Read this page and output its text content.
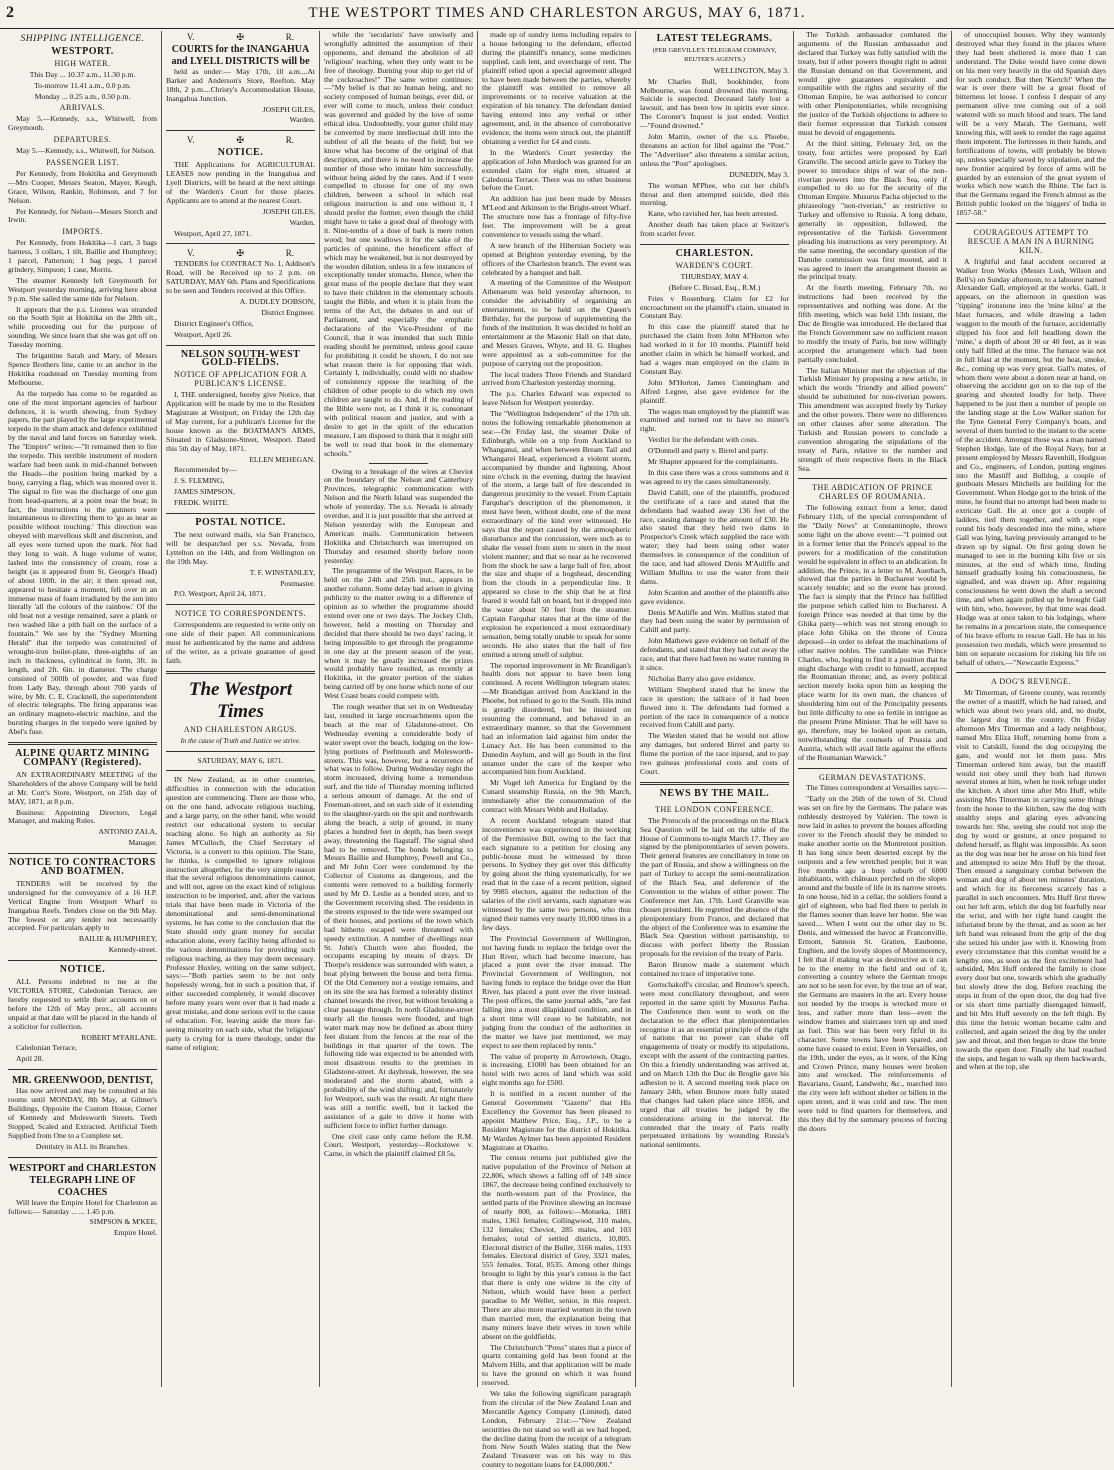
2	THE WESTPORT TIMES AND CHARLESTON ARGUS, MAY 6, 1871.
SHIPPING INTELLIGENCE.
WESTPORT.
HIGH WATER.

This Day ... 10.37 a.m., 11.30 p.m.

To-morrow 11.41 a.m., 0.0 p.m.

Monday ... 0.25 a.m., 0.50 p.m.

ARRIVALS.

May 5.—Kennedy, s.s., Whitwell, from Greymouth.

DEPARTURES.

May 5.—Kennedy, s.s., Whitwell, for Nelson.

PASSENGER LIST.

Per Kennedy, from Hokitika and Greymouth—Mrs Cooper, Messrs Seaton, Mayer, Keogh, Grace, Wilson, Rankin, Robinson, and 7 for Nelson.

Per Kennedy, for Nelson—Messrs Storch and Irwin.

IMPORTS.

Per Kennedy, from Hokitika—1 cart, 3 bags harness, 3 collars, 1 tilt, Baillie and Humphrey; 1 parcel, Patterson; 1 bag pegs, 1 parcel grindery, Simpson; 1 case, Morris.

The steamer Kennedy left Greymouth for Westport yesterday morning, arriving here about 9 p.m. She sailed the same tide for Nelson.

It appears that the p.s. Lioness was stranded on the South Spit at Hokitika on the 28th ult., while proceeding out for the purpose of sounding. We since learn that she was got off on Tuesday morning.

The brigantine Sarah and Mary, of Messrs Spence Brothers line, came to an anchor in the Hokitika roadstead on Tuesday morning from Melbourne.

As the torpedo has come to be regarded as one of the most important agencies of harbour defences, it is worth showing, from Sydney papers, the part played by the large experimental torpedo in the sham attack and defence exhibited by the naval and land forces on Saturday week. The "Empire" writes:—"It remained then to fire the torpedo. This terrible instrument of modern warfare had been sunk in mid-channel between the Heads—the position being marked by a buoy, carrying a flag, which was moored over it. The signal to fire was the discharge of one gun from head-quarters, at a point near the boat; in fact, the instructions to the gunners were instantaneous to directing them to 'go as near as possible without touching.' This direction was obeyed with marvellous skill and discretion, and all eyes were turned upon the mark. Nor had they long to wait. A huge volume of water, lashed into the consistency of cream, rose a height (as it appeared from St. George's Head) of about 100ft. in the air; it then spread out, appeared to hesitate a moment, fell over in an immense mass of foam irradiated by the sun into literally 'all the colours of the rainbow.' Of the old boat not a vestige remained, save a plank or two washed like a pith ball on the surface of a fountain." We see by the "Sydney Morning Herald" that the torpedo was constructed of wrought-iron boiler-plate, three-eighths of an inch in thickness, cylindrical in form, 3ft. in length, and 2ft. 6in. in diameter. The charge consisted of 500lb of powder, and was fired from Lady Bay, through about 700 yards of wire, by Mr. C. E. Cracknell, the superintendent of electric telegraphs. The firing apparatus was an ordinary magneto-electric machine, and the bursting charges in the torpedo were ignited by Abel's fuse.

ALPINE QUARTZ MINING COMPANY (Registered).

AN EXTRAORDINARY MEETING of the Shareholders of the above Company will be held at Mr. Corr's Store, Westport, on 25th day of MAY, 1871, at 8 p.m.

Business: Appointing Directors, Legal Manager, and making Rules.

ANTONIO ZALA,

Manager.

NOTICE TO CONTRACTORS AND BOATMEN.

TENDERS will be received by the undersigned for the conveyance of a 16 H.P. Vertical Engine from Westport Wharf to Inangahua Reefs. Tenders close on the 9th May. The lowest or any tender not necessarily accepted. For particulars apply to

BAILIE & HUMPHREY,

Kennedy-street.

NOTICE.

ALL Persons indebted to me at the VICTORIA STORE, Caledonian Terrace, are hereby requested to settle their accounts on or before the 12th of May prox., all accounts unpaid at that date will be placed in the hands of a solicitor for collection.

ROBERT M'FARLANE.

Caledonian Terrace,

April 28.

MR. GREENWOOD, DENTIST,

Has now arrived and may be consulted at his rooms until MONDAY, 8th May, at Gilmer's Buildings, Opposite the Custom House, Corner of Kennedy and Molesworth Streets. Teeth Stopped, Scaled and Extracted. Artificial Teeth Supplied from One to a Complete set.

Dentistry in ALL its Branches.

WESTPORT and CHARLESTON TELEGRAPH LINE OF COACHES

Will leave the Empire Hotel for Charleston as follows:— Saturday ... ... 1.45 p.m.

SIMPSON & M'KEE,

Empire Hotel.

V.	✠	R.
COURTS for the INANGAHUA and LYELL DISTRICTS will be

held as under:— May 17th, 10 a.m....At Barker and Anderson's Store, Reefton. May 18th, 2 p.m....Christy's Accommodation House, Inangahua Junction.

JOSEPH GILES,

Warden.

V.	✠	R.
NOTICE.

THE Applications for AGRICULTURAL LEASES now pending in the Inangahua and Lyell Districts, will be heard at the next sittings of the Warden's Court for those places. Applicants are to attend at the nearest Court.

JOSEPH GILES,

Warden.

Westport, April 27, 1871.

V.	✠	R.

TENDERS for CONTRACT No. 1, Addison's Road, will be Received up to 2 p.m. on SATURDAY, MAY 6th. Plans and Specifications to be seen and Tenders received at this Office.

A. DUDLEY DOBSON,

District Engineer.

District Engineer's Office,

Westport, April 26.

NELSON SOUTH-WEST GOLD-FIELDS.
NOTICE OF APPLICATION FOR A PUBLICAN'S LICENSE.

I, THE undersigned, hereby give Notice, that Application will be made by me to the Resident Magistrate at Westport, on Friday the 12th day of May current, for a publican's License for the house known as the BOATMAN'S ARMS, Situated in Gladstone-Street, Westport. Dated this 5th day of May, 1871.

ELLEN MEHEGAN.

Recommended by—

J. S. FLEMING,

JAMES SIMPSON,

FREDK. WHITE.

POSTAL NOTICE.

The next outward mails, via San Francisco, will be despatched per s.s. Nevada, from Lyttelton on the 14th, and from Wellington on the 19th May.

T. F. WINSTANLEY,

Postmaster.

P.O. Westport, April 24, 1871.

NOTICE TO CORRESPONDENTS.

Correspondents are requested to write only on one side of their paper. All communications must be authenticated by the name and address of the writer, as a private guarantee of good faith.

The Westport Times
AND CHARLESTON ARGUS.

In the cause of Truth and Justice we strive.

SATURDAY, MAY 6, 1871.

IN New Zealand, as in other countries, difficulties in connection with the education question are commencing. There are those who, on the one hand, advocate religious teaching, and a large party, on the other hand, who would restrict our educational system to secular teaching alone. So high an authority as Sir James M'Culloch, the Chief Secretary of Victoria, is a convert to this opinion. The State, he thinks, is compelled to ignore religious instruction altogether, for the very simple reason that the several religious denominations cannot, and will not, agree on the exact kind of religious instruction to be imported, and, after the various trials that have been made in Victoria of the denominational and semi-denominational systems, he has come to the conclusion that the State should only grant money for secular education alone, every facility being afforded to the various denominations for providing such religious teaching, as they may deem necessary. Professor Huxley, writing on the same subject, says:—"Both parties seem to be not only hopelessly wrong, but in such a position that, if either succeeded completely, it would discover before many years were over that it had made a great mistake, and done serious evil to the cause of education. For, leaving aside the more far-seeing minority on each side, what the 'religious' party is crying for is mere theology, under the name of religion;

while the 'secularists' have unwisely and wrongfully admitted the assumption of their opponents, and demand the abolition of all 'religious' teaching, when they only want to be free of theology. Burning your ship to get rid of the cockroaches!" The same writer continues:—"My belief is that no human being, and no society composed of human beings, ever did, or ever will come to much, unless their conduct was governed and guided by the love of some ethical idea. Undoubtedly, your gutter child may be converted by mere intellectual drill into the subtlest of all the beasts of the field; but we know what has become of the original of that description, and there is no need to increase the number of those who imitate him successfully, without being aided by the rates. And if I were compelled to choose for one of my own children, between a school in which real religious instruction is and one without it, I should prefer the former, even though the child might have to take a good deal of theology with it. Nine-tenths of a dose of bark is mere rotten wood; but one swallows it for the sake of the particles of quinine, the beneficent effect of which may be weakened, but is not destroyed by the wooden dilution, unless in a few instances of exceptionally tender stomachs. Hence, when the great mass of the people declare that they want to have their children in the elementary schools taught the Bible, and when it is plain from the terms of the Act, the debates in and out of Parliament, and especially the emphatic declarations of the Vice-President of the Council, that it was intended that such Bible reading should be permitted, unless good cause for prohibiting it could be shown, I do not see what reason there is for opposing that wish. Certainly I, individually, could with no shadow of consistency oppose the teaching of the children of other people to do which my own children are taught to do. And, if the reading of the Bible were not, as I think it is, consonant with political reason and justice, and with a desire to get in the spirit of the education measure, I am disposed to think that it might still be well to read that book in the elementary schools."

Owing to a breakage of the wires at Cheviot on the boundary of the Nelson and Canterbury Provinces, telegraphic communication with Nelson and the North Island was suspended the whole of yesterday. The s.s. Nevada is already overdue, and it is just possible that she arrived at Nelson yesterday with the European and American mails. Communication between Hokitika and Christchurch was interrupted on Thursday and resumed shortly before noon yesterday.

The programme of the Westport Races, to be held on the 24th and 25th inst., appears in another column. Some delay had arisen in giving publicity to the matter owing to a difference of opinion as to whether the programme should extend over one or two days. The Jockey Club, however, held a meeting on Thursday and decided that there should be two days' racing, it being impossible to get through the programme in one day at the present season of the year, when it may be greatly increased the prizes would probably have resulted, as recently at Hokitika, in the greater portion of the stakes being carried off by one horse which none of our West Coast boats could compete with.

The rough weather that set in on Wednesday last, resulted in large encroachments upon the beach at the rear of Gladstone-street. On Wednesday evening a considerable body of water swept over the beach, lodging on the low-lying portions of Peelmouth and Molesworth-streets. This was, however, but a recurrence of what was to follow. During Wednesday night the storm increased, driving home a tremendous surf, and the tide of Thursday morning inflicted a serious amount of damage. At the end of Freeman-street, and on each side of it extending to the slaughter-yards on the spit and northwards along the beach, a strip of ground, in many places a hundred feet in depth, has been swept away, threatening the flagstaff. The signal shed had to be removed. The bonds belonging to Messrs Baillie and Humphrey, Powell and Co., and Mr John Corr were condemned by the Collector of Customs as dangerous, and the contents were removed to a building formerly used by Mr D. Leslie as a bonded store, and to the Government receiving shed. The residents in the streets exposed to the tide were swamped out of their houses, and portions of the town which had hitherto escaped were threatened with speedy extinction. A number of dwellings near St. John's Church were also flooded, the occupants escaping by means of drays. Dr Thorpe's residence was surrounded with water, a boat plying between the house and terra firma. Of the Old Cemetery not a vestige remains, and on its site the sea has formed a tolerably distinct channel towards the river, but without breaking a clear passage through. In north Gladstone-street nearly all the houses were flooded, and high water mark may now be defined as about thirty feet distant from the fences at the rear of the buildings in that quarter of the town. The following tide was expected to be attended with most disastrous results to the premises in Gladstone-street. At daybreak, however, the sea moderated and the storm abated, with a probability of the wind shifting; and, fortunately for Westport, such was the result. At night there was still a terrific swell, but it lacked the assistance of a gale to drive it home with sufficient force to inflict further damage.

One civil case only came before the R.M. Court, Westport, yesterday—Rockstowe v. Carne, in which the plaintiff claimed £8 5s,

made up of sundry items including repairs to a house belonging to the defendant, effected during the plaintiff's tenancy, some medicines supplied, cash lent, and overcharge of rent. The plaintiff relied upon a special agreement alleged to have been made between the parties, whereby the plaintiff was entitled to remove all improvements or to receive valuation at the expiration of his tenancy. The defendant denied having entered into any verbal or other agreement, and, in the absence of corroborative evidence, the items were struck out, the plaintiff obtaining a verdict for £4 and costs.

In the Warden's Court yesterday the application of John Murdoch was granted for an extended claim for eight men, situated at Caledonia Terrace. There was no other business before the Court.

An addition has just been made by Messrs M'Leod and Atkinson to the Bright-street Wharf. The structure now has a frontage of fifty-five feet. The improvement will be a great convenience to vessels using the wharf.

A new branch of the Hibernian Society was opened at Brighton yesterday evening, by the officers of the Charleston branch. The event was celebrated by a banquet and ball.

A meeting of the Committee of the Westport Athenaeum was held yesterday afternoon, to consider the advisability of organising an entertainment, to be held on the Queen's Birthday, for the purpose of supplementing the funds of the institution. It was decided to hold an entertainment at the Masonic Hall on that date, and Messrs Graves, Whyte, and H. G. Hughes were appointed as a sub-committee for the purpose of carrying out the proposition.

The local traders Three Friends and Standard arrived from Charleston yesterday morning.

The p.s. Charles Edward was expected to leave Nelson for Westport yesterday.

The "Wellington Independent" of the 17th ult. notes the following remarkable phenomenon at sea:—On Friday last, the steamer Duke of Edinburgh, while on a trip from Auckland to Whanganui, and when between Bream Tail and Whangarei Head, experienced a violent storm, accompanied by thunder and lightning. About nine o'clock in the evening, during the heaviest of the storm, a large ball of fire descended in dangerous proximity to the vessel. From Captain Farquhar's description of the phenomenon, it must have been, without doubt, one of the most extraordinary of the kind ever witnessed. He says that the report caused by the atmospheric disturbance and the concussion, were such as to shake the vessel from stem to stern in the most violent manner; and that so near as he recovered from the shock he saw a large ball of fire, about the size and shape of a hogshead, descending from the clouds in a perpendicular line. It appeared so close to the ship that he at first feared it would fall on board, but it dropped into the water about 50 feet from the steamer. Captain Farquhar states that at the time of the explosion he experienced a most extraordinary sensation, being totally unable to speak for some seconds. He also states that the ball of fire emitted a strong smell of sulphur.

The reported improvement in Mr Brandigan's health does not appear to have been long continued. A recent Wellington telegram states:—Mr Brandigan arrived from Auckland in the Phoebe, but refused to go to the South. His mind is greatly disordered, but he insisted on resuming the command, and behaved in an extraordinary manner, so that the Government had an information laid against him under the Lunacy Act. He has been committed to the Dunedin Asylum, and will go South in the first steamer under the care of the keeper who accompanied him from Auckland.

Mr Vogel left America for England by the Cunard steamship Russia, on the 9th March, immediately after the consummation of the contract with Messrs Webb and Holladay.

A recent Auckland telegram stated that inconvenience was experienced in the working of the Permissive Bill, owing to the fact that each signature to a petition for closing any public-house must be witnessed by three persons. In Sydney they get over this difficulty by going about the thing systematically, for we read that in the case of a recent petition, signed by 9985 electors, against the reduction of the salaries of the civil servants, each signature was witnessed by the same two persons, who thus signed their names very nearly 10,000 times in a few days.

The Provincial Government of Wellington, not having funds to replace the bridge over the Hutt River, which had become insecure, has placed a punt over the river instead. The Provincial Government of Wellington, not having funds to replace the bridge over the Hutt River, has placed a punt over the river instead. The post offices, the same journal adds, "are fast falling into a most dilapidated condition, and in a short time will cease to be habitable, not judging from the conduct of the authorities in the matter we have just mentioned, we may expect to see them replaced by tents."

The value of property in Arrowtown, Otago, is increasing. £1000 has been obtained for an hotel with two acres of land which was sold eight months ago for £500.

It is notified in a recent number of the General Government "Gazette" that His Excellency the Governor has been pleased to appoint Matthew Price, Esq., J.P., to be a Resident Magistrate for the district of Hokitika. Mr Warden Aylmer has been appointed Resident Magistrate at Okarito.

The census returns just published give the native population of the Province of Nelson at 22,806, which shows a falling off of 149 since 1867, the decrease being confined exclusively to the north-western part of the Province, the settled parts of the Province showing an increase of nearly 800, as follows:—Motueka, 1881 males, 1361 females; Collingwood, 310 males, 132 females; Cheviot, 285 males, and 103 females; total of settled districts, 10,805. Electoral district of the Buller, 3166 males, 1193 females. Electoral district of Grey, 3321 males, 555 females. Total, 8535. Among other things brought to light by this year's census is the fact that there is only one widow in the city of Nelson, which would have been a perfect paradise to Mr Weller, senior, in this respect. There are also more married women in the town than married men, the explanation being that many miners leave their wives in town while absent on the goldfields.

The Christchurch "Press" states that a piece of quartz containing gold has been found at the Malvern Hills, and that application will be made to have the ground on which it was found reserved.

We take the following significant paragraph from the circular of the New Zealand Loan and Mercantile Agency Company (Limited), dated London, February 21st:—"New Zealand securities do not stand so well as we had hoped, the decline dating from the receipt of a telegram from New South Wales stating that the New Zealand Treasurer was on his way to this country to negotiate loans for £4,000,000."

LATEST TELEGRAMS.

(PER GREVILLE'S TELEGRAM COMPANY, REUTER'S AGENTS.)

WELLINGTON, May 3.

Mr Charles Bull, bookbinder, from Melbourne, was found drowned this morning. Suicide is suspected. Deceased lately lost a lawsuit, and has been low in spirits ever since. The Coroner's Inquest is just ended. Verdict—"Found drowned."

John Martin, owner of the s.s. Phoebe, threatens an action for libel against the "Post." The "Advertiser" also threatens a similar action, unless the "Post" apologises.

DUNEDIN, May 3.

The woman M'Phee, who cut her child's throat and then attempted suicide, died this morning.

Kane, who ravished her, has been arrested.

Another death has taken place at Switzer's from scarlet fever.

CHARLESTON.
WARDEN'S COURT.

THURSDAY, MAY 4.

(Before C. Broad, Esq., R.M.)

Fries v Rosenburg. Claim for £2 for encroachment on the plaintiff's claim, situated in Constant Bay.

In this case the plaintiff stated that he purchased the claim from John M'Horton who had worked in it for 10 months. Plaintiff held another claim in which he himself worked, and had a wages man employed on the claim in Constant Bay.

John M'Horton, James Cunningham and Alfred Legree, also gave evidence for the plaintiff.

The wages man employed by the plaintiff was examined and turned out to have no miner's right.

Verdict for the defendant with costs.

O'Donnell and party v. Birrel and party.

Mr Shapter appeared for the complainants.

In this case there was a cross summons and it was agreed to try the cases simultaneously.

David Cahill, one of the plaintiffs, produced the certificate of a race and stated that the defendants had washed away 136 feet of the race, causing damage to the amount of £30. He also stated that they held two dams in Prospector's Creek which supplied the race with water; they had been using other water themselves in consequence of the condition of the race, and had allowed Denis M'Auliffe and William Mullins to use the water from their dams.

John Scanlon and another of the plaintiffs also gave evidence.

Denis M'Auliffe and Wm. Mullins stated that they had been using the water by permission of Cahill and party.

John Mathews gave evidence on behalf of the defendants, and stated that they had cut away the race, and that there had been no water running in it since.

Nicholas Barry also gave evidence.

William Shepherd stated that he knew the race in question; the tailrace of it had been flowed into it. The defendants had formed a portion of the race in consequence of a notice received from Cahill and party.

The Warden stated that he would not allow any damages, but ordered Birrel and party to flume the portion of the race injured, and to pay two guineas professional costs and costs of Court.

NEWS BY THE MAIL.
THE LONDON CONFERENCE.

The Protocols of the proceedings on the Black Sea Question will be laid on the table of the House of Commons to-night March 17. They are signed by the plenipotentiaries of seven powers. Their general features are conciliatory in tone on the part of Russia, and show a willingness on the part of Turkey to accept the semi-neutralization of the Black Sea, and deference of the Convention to the wishes of either power. The Conference met Jan. 17th. Lord Granville was chosen president. He regretted the absence of the plenipotentiary from France, and declared that the object of the Conference was to examine the Black Sea Question without partisanship, to discuss with perfect liberty the Russian proposals for the revision of the treaty of Paris.

Baron Brunow made a statement which contained no trace of imperative tone.

Gortschakoff's circular, and Brunow's speech, were most conciliatory throughout, and were reported in the same spirit by Musurus Pacha. The Conference then went to work on the declaration to the effect that plenipotentiaries recognise it as an essential principle of the right of nations that no power can shake off engagements of treaty or modify its stipulations, except with the assent of the contracting parties. On this a friendly understanding was arrived at, and on March 13th the Duc de Broglie gave his adhesion to it. A second meeting took place on January 24th, when Brunow more fully stated that changes had taken place since 1856, and urged that all treaties be judged by the considerations arising in the interval. He contended that the treaty of Paris really perpetuated irritations by wounding Russia's national sentiments.

The Turkish ambassador combated the arguments of the Russian ambassador and declared that Turkey was fully satisfied with the treaty, but if other powers thought right to admit the Russian demand on that Government, and would give guarantees equivalent and compatible with the rights and security of the Ottoman Empire, he was authorised to concur with other Plenipotentiaries, while recognising the justice of the Turkish objections to adhere to their former expression that Turkish consent must be devoid of engagements.

At the third sitting, February 3rd, on the treaty, four articles were proposed by Earl Granville. The second article gave to Turkey the power to introduce ships of war of the non-riverian powers into the Black Sea, only if compelled to do so for the security of the Ottoman Empire. Musurus Pacha objected to the phraseology "non-riverian," as restrictive to Turkey and offensive to Russia. A long debate, generally in opposition, followed, the representative of the Turkish Government pleading his instructions as very peremptory. At the same meeting, the secondary question of the Danube commission was first mooted, and it was agreed to insert the arrangement therein as the principal treaty.

At the fourth meeting, February 7th, no instructions had been received by the representatives and nothing was done. At the fifth meeting, which was held 13th instant, the Duc de Broglie was introduced. He declared that the French Government saw no sufficient reason to modify the treaty of Paris, but now willingly accepted the arrangement which had been partially concluded.

The Italian Minister met the objection of the Turkish Minister by proposing a new article, in which the words "friendly and allied powers" should be substituted for non-riverian powers. This amendment was accepted freely by Turkey and the other powers. There were no differences on other clauses after some alteration. The Turkish and Russian powers to conclude a convention abrogating the stipulations of the treaty of Paris, relative to the number and strength of their respective fleets in the Black Sea.

THE ABDICATION OF PRINCE CHARLES OF ROUMANIA.

The following extract from a letter, dated February 11th, of the special correspondent of the "Daily News" at Constantinople, throws some light on the above event:—"I pointed out in a former letter that the Prince's appeal to the powers for a modification of the constitution would be equivalent in effect to an abdication. In addition, the Prince, in a letter to M. Auerbach, showed that the parties in Bucharest would be scarcely tenable; and so the event has proved. The fact is simply that the Prince has fulfilled the purpose which called him to Bucharest. A foreign Prince was needed at that time by the Ghika party—which was not strong enough to place John Ghika on the throne of Couza deposed—in order to defeat the machinations of other native nobles. The candidate was Prince Charles, who, hoping to find it a position that he might discharge with credit to himself, accepted the Roumanian throne; and, as every political section merely looks upon him as keeping the place warm for its own man, the chances of shouldering him out of the Principality presents but little difficulty to one so fertile in intrigue as the present Prime Minister. That he will have to go, therefore, may be looked upon as certain, notwithstanding the counsels of Prussia and Austria, which will avail little against the effects of the Roumanian Warwick."

GERMAN DEVASTATIONS.

The Times correspondent at Versailles says:—

"Early on the 26th of the town of St. Cloud was set on fire by the Germans. The palace was ruthlessly destroyed by Valérien. The town is now laid in ashes to prevent the houses affording cover to the French should they be minded to make another sortie on the Montretout position. It has long since been deserted except by the outposts and a few wretched people; but it was five months ago a busy suburb of 6000 inhabitants, with châteaux perched on the slopes around and the bustle of life in its narrow streets. In one house, hid in a cellar, the soldiers found a girl of eighteen, who had fled there to perish in the flames sooner than leave her home. She was saved.... When I went out the other day to St. Denis, and witnessed the havoc at Franconville, Ermont, Sannois St. Gratien, Eaubonne, Enghien, and the lovely slopes of Montmorency, I felt that if making war as destructive as it can be to the enemy in the field and out of it, converting a country where the German troops are not to be seen for ever, by the true art of war, the Germans are masters in the art. Every house not needed by the troops is wrecked more or less, and rather more than less—even the window frames and staircases torn up and used as fuel. This war has been very fitful in its character. Some towns have been spared, and some have ceased to exist. Even in Versailles, on the 19th, under the eyes, as it were, of the King and Crown Prince, many houses were broken into and wrecked. The reinforcements of Bavarians, Guard, Landwehr, &c., marched into the city were left without shelter or billets in the open street, and it was cold and raw. The men were told to find quarters for themselves, and this they did by the summary process of forcing the doors

of unoccupied houses. Why they wantonly destroyed what they found in the places where they had been sheltered is more than I can understand. The Duke would have come down on his men very heavily in the old Spanish days for such conduct. But then 'Kertch!' When the war is over there will be a great flood of bitterness let loose. I confess I despair of any permanent olive tree coming out of a soil watered with so much blood and tears. The land will be a very Marah. The Germans, well knowing this, will seek to render the rage against them impotent. The fortresses in their hands, and fortifications of towns, will probably be blown up, unless specially saved by stipulation, and the new frontier acquired by force of arms will be guarded by an extension of the great system of works which now watch the Rhine. The fact is that the Germans regard the French almost as the British public looked on the 'niggers' of India in 1857-58."

COURAGEOUS ATTEMPT TO RESCUE A MAN IN A BURNING KILN.

A frightful and fatal accident occurred at Walker Iron Works (Messrs Losh, Wilson and Bell's) on Sunday afternoon, to a labourer named Alexander Gall, employed at the works. Gall, it appears, on the afternoon in question was "tipping" ironstone into the 'mine kilns' at the blast furnaces, and while drawing a laden waggon to the mouth of the furnace, accidentally slipped his foot and fell headlong down the 'mine,' a depth of about 30 or 40 feet, as it was only half filled at the time. The furnace was not in full blast at the moment, but the heat, smoke, &c., coming up was very great. Gall's mates, of whom there were about a dozen near at hand, on observing the accident got on to the top of the gearing and shouted loudly for help. There happened to be just then a number of people on the landing stage at the Low Walker station for the Tyne General Ferry Company's boats, and several of them hurried to the instant to the scene of the accident. Amongst those was a man named Stephen Hodge, late of the Royal Navy, but at present employed by Messrs Ravenhill, Hodgson and Co., engineers, of London, putting engines into the Mastiff and Bulldog, a couple of gunboats Messrs Mitchells are building for the Government. When Hodge got to the brink of the mine, he found that no attempt had been made to extricate Gall. He at once got a couple of ladders, tied them together, and with a rope round his body descended into the mine, where Gall was lying, having previously arranged to be drawn up by signal. On first going down he managed to see in the burning kiln five or six minutes, at the end of which time, finding himself gradually losing his consciousness, he signalled, and was drawn up. After regaining consciousness he went down the shaft a second time, and when again pulled up he brought Gall with him, who, however, by that time was dead. Hodge was at once taken to his lodgings, where he remains in a precarious state, the consequence of his brave efforts to rescue Gall. He has in his possession two medals, which were presented to him on separate occasions for risking his life on behalf of others.—"Newcastle Express."

A DOG'S REVENGE.

Mr Timerman, of Greene county, was recently the owner of a mastiff, which he had raised, and which was about two years old, and, no doubt, the largest dog in the country. On Friday afternoon Mrs Timerman and a lady neighbour, named Mrs Eliza Huff, returning home from a visit to Catskill, found the dog occupying the gate, and would not let them pass. Mrs Timerman ordered him away, but the mastiff would not obey until they both had thrown several stones at him, when he took refuge under the kitchen. A short time after Mrs Huff, while assisting Mrs Timerman in carrying some things from the house to the kitchen, saw the dog with stealthy steps and glaring eyes advancing towards her. She, seeing she could not stop the dog by word or gesture, at once prepared to defend herself, as flight was impossible. As soon as the dog was near her he arose on his hind feet and attempted to seize Mrs Huff by the throat. Then ensued a sanguinary combat between the woman and dog of about ten minutes' duration, and which for its fierceness scarcely has a parallel in such encounters. Mrs Huff first threw out her left arm, which the dog bit fearfully near the wrist, and with her right hand caught the infuriated brute by the throat, and as soon as her left hand was released from the grip of the dog she seized his under jaw with it. Knowing from every circumstance that this combat would be a lengthy one, as soon as the first excitement had subsided, Mrs Huff ordered the family to close every door but one, towards which she gradually but slowly drew the dog. Before reaching the steps in front of the open door, the dog had five or six short time partially disengaged himself, and bit Mrs Huff severely on the left thigh. By this time the heroic woman became calm and collected, and again seized the dog by the under jaw and throat, and then began to draw the brute towards the open door. Finally she had reached the steps, and began to walk up them backwards, and when at the top, she
